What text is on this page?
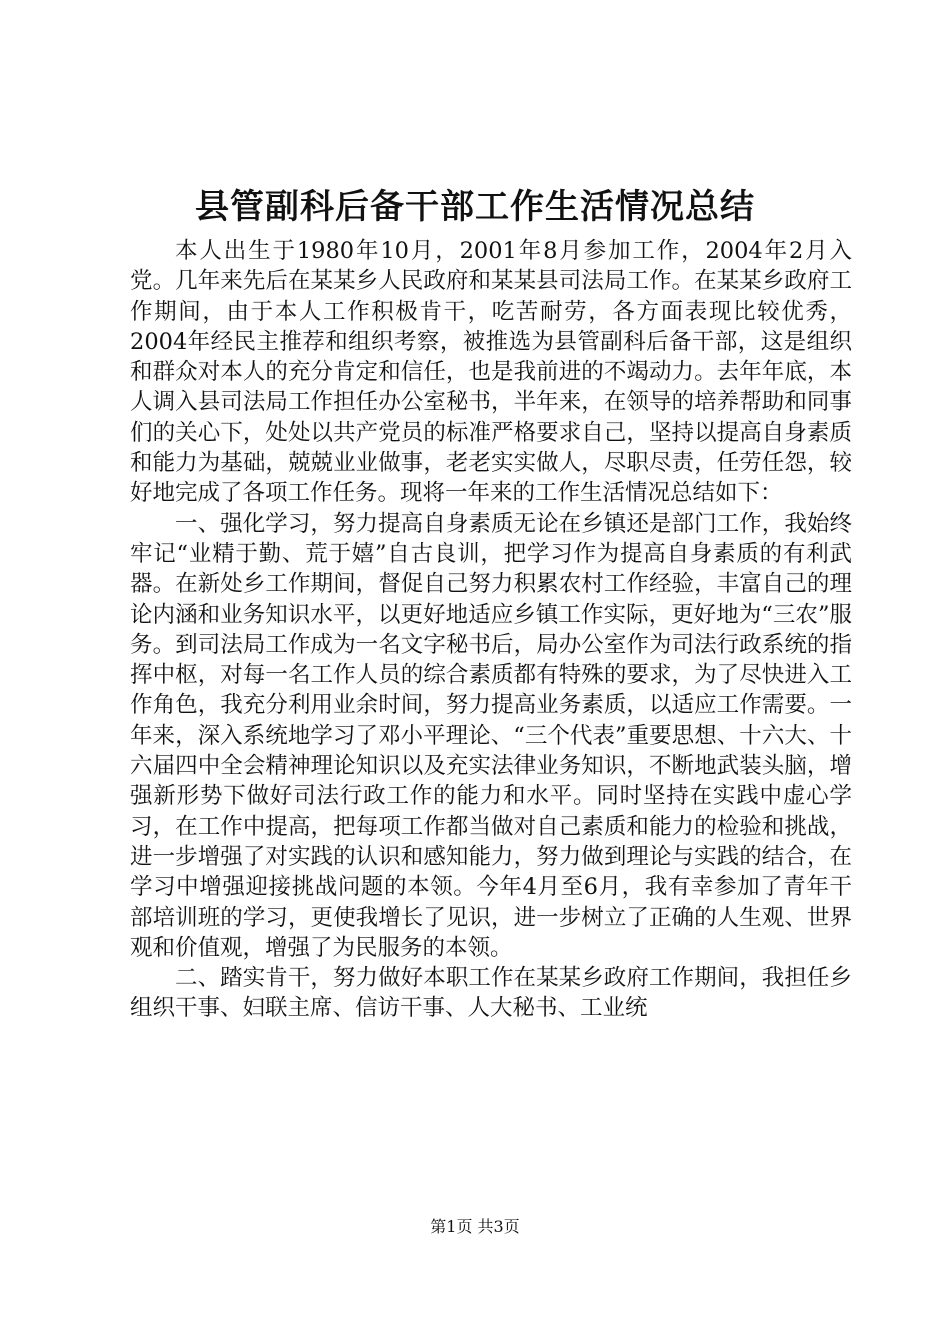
县管副科后备干部工作生活情况总结

本人出生于1980年10月，2001年8月参加工作，2004年2月入党。几年来先后在某某乡人民政府和某某县司法局工作。在某某乡政府工作期间，由于本人工作积极肯干，吃苦耐劳，各方面表现比较优秀，2004年经民主推荐和组织考察，被推选为县管副科后备干部，这是组织和群众对本人的充分肯定和信任，也是我前进的不竭动力。去年年底，本人调入县司法局工作担任办公室秘书，半年来，在领导的培养帮助和同事们的关心下，处处以共产党员的标准严格要求自己，坚持以提高自身素质和能力为基础，兢兢业业做事，老老实实做人，尽职尽责，任劳任怨，较好地完成了各项工作任务。现将一年来的工作生活情况总结如下：

一、强化学习，努力提高自身素质无论在乡镇还是部门工作，我始终牢记“业精于勤、荒于嬉”自古良训，把学习作为提高自身素质的有利武器。在新处乡工作期间，督促自己努力积累农村工作经验，丰富自己的理论内涵和业务知识水平，以更好地适应乡镇工作实际，更好地为“三农”服务。到司法局工作成为一名文字秘书后，局办公室作为司法行政系统的指挥中枢，对每一名工作人员的综合素质都有特殊的要求，为了尽快进入工作角色，我充分利用业余时间，努力提高业务素质，以适应工作需要。一年来，深入系统地学习了邓小平理论、“三个代表”重要思想、十六大、十六届四中全会精神理论知识以及充实法律业务知识，不断地武装头脑，增强新形势下做好司法行政工作的能力和水平。同时坚持在实践中虚心学习，在工作中提高，把每项工作都当做对自己素质和能力的检验和挑战，进一步增强了对实践的认识和感知能力，努力做到理论与实践的结合，在学习中增强迎接挑战问题的本领。今年4月至6月，我有幸参加了青年干部培训班的学习，更使我增长了见识，进一步树立了正确的人生观、世界观和价值观，增强了为民服务的本领。

二、踏实肯干，努力做好本职工作在某某乡政府工作期间，我担任乡组织干事、妇联主席、信访干事、人大秘书、工业统

第1页 共3页
